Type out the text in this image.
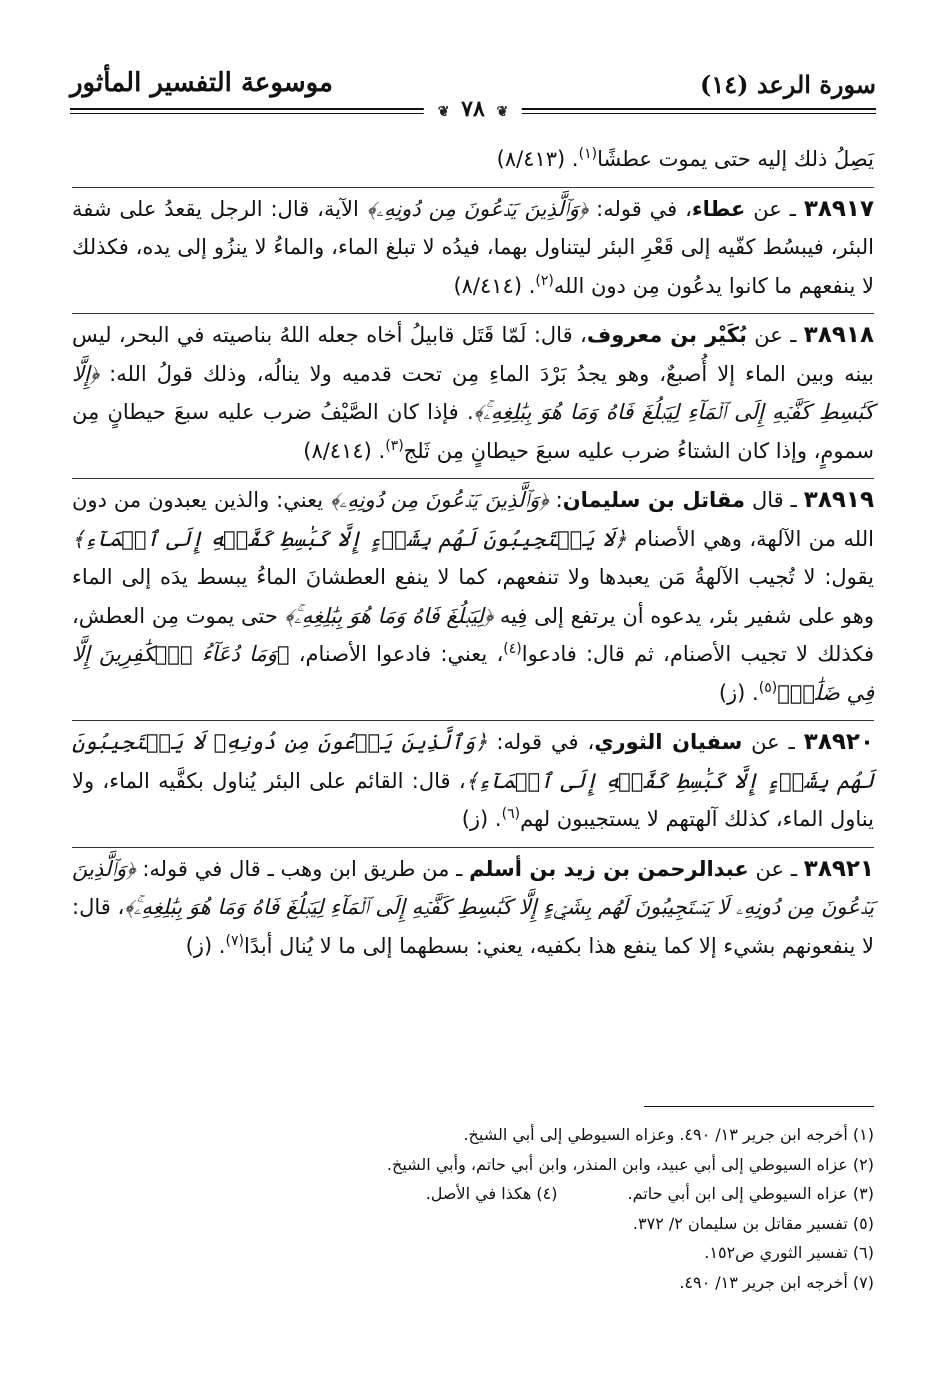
سورة الرعد (١٤)
موسوعة التفسير المأثور
❦ ٧٨ ❦
يَصِلُ ذلك إليه حتى يموت عطشًا$^{(١)}$. (٨/٤١٣)
٣٨٩١٧ ـ عن عطاء، في قوله: ﴿وَٱلَّذِينَ يَدۡعُونَ مِن دُونِهِۦ﴾ الآية، قال: الرجل يقعدُ على شفة البئر، فيبسُط كفّيه إلى قَعْرِ البئر ليتناول بهما، فيدُه لا تبلغ الماء، والماءُ لا ينزُو إلى يده، فكذلك لا ينفعهم ما كانوا يدعُون مِن دون الله$^{(٢)}$. (٨/٤١٤)
٣٨٩١٨ ـ عن بُكَيْر بن معروف، قال: لَمّا قَتَل قابيلُ أخاه جعله اللهُ بناصيته في البحر، ليس بينه وبين الماء إلا أُصبعٌ، وهو يجدُ بَرْدَ الماءِ مِن تحت قدميه ولا ينالُه، وذلك قولُ الله: ﴿إِلَّا كَبَٰسِطِ كَفَّيۡهِ إِلَى ٱلۡمَآءِ لِيَبۡلُغَ فَاهُ وَمَا هُوَ بِبَٰلِغِهِۦۚ﴾. فإذا كان الصَّيْفُ ضرب عليه سبعَ حيطانٍ مِن سمومٍ، وإذا كان الشتاءُ ضرب عليه سبعَ حيطانٍ مِن ثَلج$^{(٣)}$. (٨/٤١٤)
٣٨٩١٩ ـ قال مقاتل بن سليمان: ﴿وَٱلَّذِينَ يَدۡعُونَ مِن دُونِهِۦ﴾ يعني: والذين يعبدون من دون الله من الآلهة، وهي الأصنام ﴿لَا يَسۡتَجِيبُونَ لَهُم بِشَيۡءٍ إِلَّا كَبَٰسِطِ كَفَّيۡهِ إِلَى ٱلۡمَآءِ﴾ يقول: لا تُجيب الآلهةُ مَن يعبدها ولا تنفعهم، كما لا ينفع العطشانَ الماءُ يبسط يدَه إلى الماء وهو على شفير بئر، يدعوه أن يرتفع إلى فِيه ﴿لِيَبۡلُغَ فَاهُ وَمَا هُوَ بِبَٰلِغِهِۦۚ﴾ حتى يموت مِن العطش، فكذلك لا تجيب الأصنام، ثم قال: فادعوا$^{(٤)}$، يعني: فادعوا الأصنام، ﴿وَمَا دُعَآءُ ٱلۡكَٰفِرِينَ إِلَّا فِي ضَلَٰلٖ﴾$^{(٥)}$. (ز)
٣٨٩٢٠ ـ عن سفيان الثوري، في قوله: ﴿وَٱلَّذِينَ يَدۡعُونَ مِن دُونِهِۦ لَا يَسۡتَجِيبُونَ لَهُم بِشَيۡءٍ إِلَّا كَبَٰسِطِ كَفَّيۡهِ إِلَى ٱلۡمَآءِ﴾، قال: القائم على البئر يُناول بكفَّيه الماء، ولا يناول الماء، كذلك آلهتهم لا يستجيبون لهم$^{(٦)}$. (ز)
٣٨٩٢١ ـ عن عبدالرحمن بن زيد بن أسلم ـ من طريق ابن وهب ـ قال في قوله: ﴿وَٱلَّذِينَ يَدۡعُونَ مِن دُونِهِۦ لَا يَسۡتَجِيبُونَ لَهُم بِشَيۡءٍ إِلَّا كَبَٰسِطِ كَفَّيۡهِ إِلَى ٱلۡمَآءِ لِيَبۡلُغَ فَاهُ وَمَا هُوَ بِبَٰلِغِهِۦۚ﴾، قال: لا ينفعونهم بشيء إلا كما ينفع هذا بكفيه، يعني: بسطهما إلى ما لا يُنال أبدًا$^{(٧)}$. (ز)
(١) أخرجه ابن جرير ١٣/ ٤٩٠. وعزاه السيوطي إلى أبي الشيخ.
(٢) عزاه السيوطي إلى أبي عبيد، وابن المنذر، وابن أبي حاتم، وأبي الشيخ.
(٣) عزاه السيوطي إلى ابن أبي حاتم.
(٤) هكذا في الأصل.
(٥) تفسير مقاتل بن سليمان ٢/ ٣٧٢.
(٦) تفسير الثوري ص١٥٢.
(٧) أخرجه ابن جرير ١٣/ ٤٩٠.
